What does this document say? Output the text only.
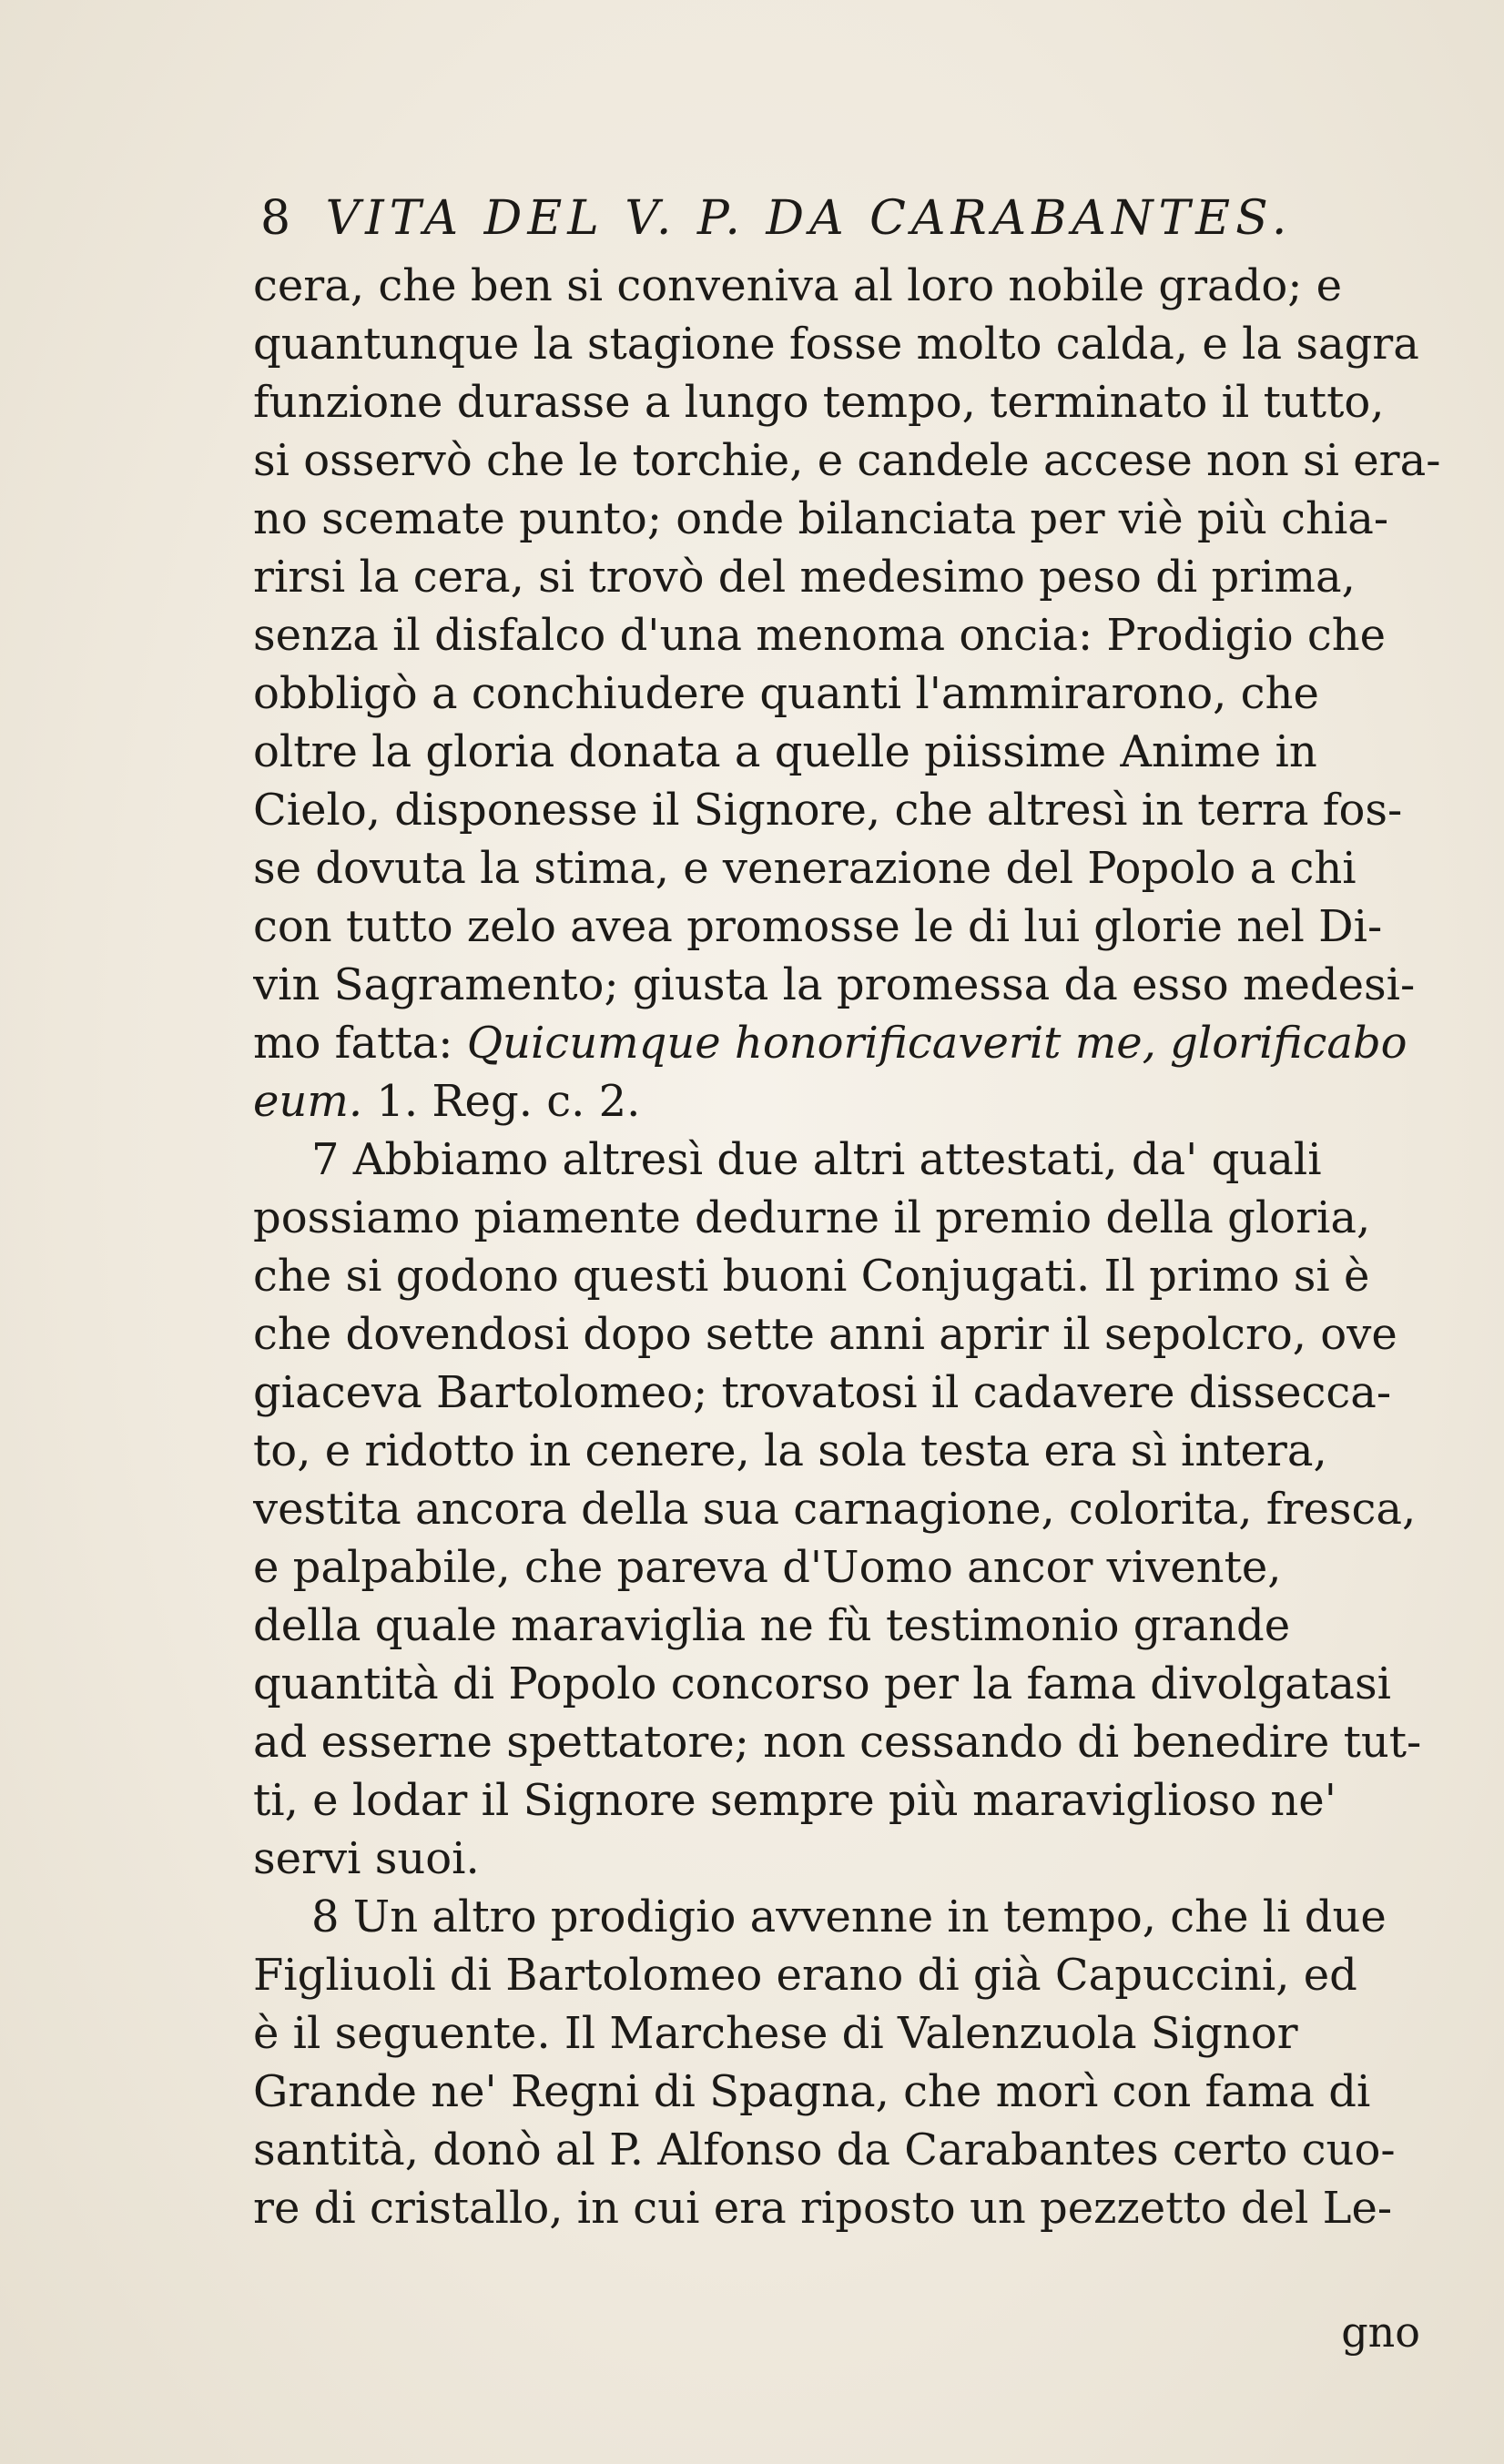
8 VITA DEL V. P. DA CARABANTES.
cera, che ben si conveniva al loro nobile grado; e
quantunque la stagione fosse molto calda, e la sagra
funzione durasse a lungo tempo, terminato il tutto,
si osservò che le torchie, e candele accese non si era-
no scemate punto; onde bilanciata per viè più chia-
rirsi la cera, si trovò del medesimo peso di prima,
senza il disfalco d'una menoma oncia: Prodigio che
obbligò a conchiudere quanti l'ammirarono, che
oltre la gloria donata a quelle piissime Anime in
Cielo, disponesse il Signore, che altresì in terra fos-
se dovuta la stima, e venerazione del Popolo a chi
con tutto zelo avea promosse le di lui glorie nel Di-
vin Sagramento; giusta la promessa da esso medesi-
mo fatta: Quicumque honorificaverit me, glorificabo
eum. 1. Reg. c. 2.
7 Abbiamo altresì due altri attestati, da' quali
possiamo piamente dedurne il premio della gloria,
che si godono questi buoni Conjugati. Il primo si è
che dovendosi dopo sette anni aprir il sepolcro, ove
giaceva Bartolomeo; trovatosi il cadavere dissecca-
to, e ridotto in cenere, la sola testa era sì intera,
vestita ancora della sua carnagione, colorita, fresca,
e palpabile, che pareva d'Uomo ancor vivente,
della quale maraviglia ne fù testimonio grande
quantità di Popolo concorso per la fama divolgatasi
ad esserne spettatore; non cessando di benedire tut-
ti, e lodar il Signore sempre più maraviglioso ne'
servi suoi.
8 Un altro prodigio avvenne in tempo, che li due
Figliuoli di Bartolomeo erano di già Capuccini, ed
è il seguente. Il Marchese di Valenzuola Signor
Grande ne' Regni di Spagna, che morì con fama di
santità, donò al P. Alfonso da Carabantes certo cuo-
re di cristallo, in cui era riposto un pezzetto del Le-
gno
